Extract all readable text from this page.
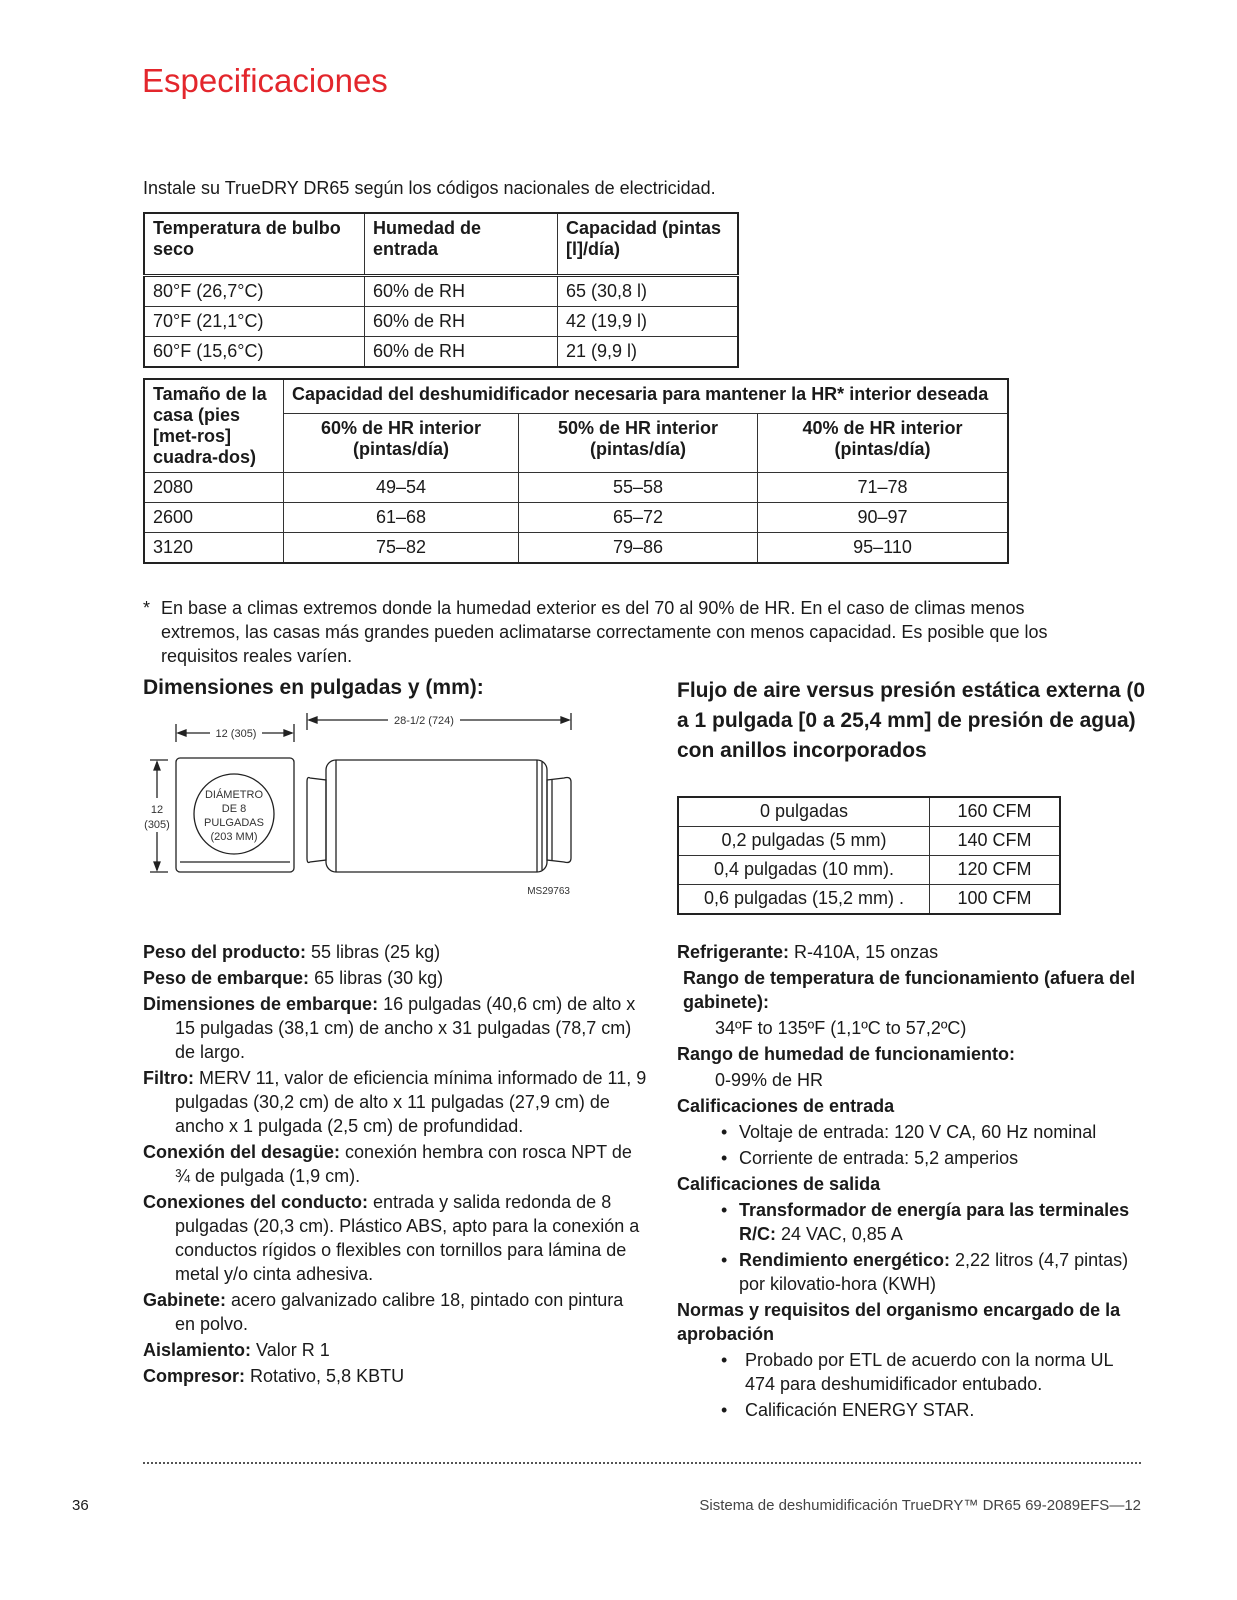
Especificaciones
Instale su TrueDRY DR65 según los códigos nacionales de electricidad.
Temperatura de bulbo seco	Humedad de entrada	Capacidad (pintas [l]/día)
80°F (26,7°C)	60% de RH	65 (30,8 l)
70°F (21,1°C)	60% de RH	42 (19,9 l)
60°F (15,6°C)	60% de RH	21 (9,9 l)
Tamaño de la casa (pies [met-ros] cuadra-dos)	Capacidad del deshumidificador necesaria para mantener la HR* interior deseada		
	60% de HR interior (pintas/día)	50% de HR interior (pintas/día)	40% de HR interior (pintas/día)
2080	49–54	55–58	71–78
2600	61–68	65–72	90–97
3120	75–82	79–86	95–110
* En base a climas extremos donde la humedad exterior es del 70 al 90% de HR. En el caso de climas menos extremos, las casas más grandes pueden aclimatarse correctamente con menos capacidad. Es posible que los requisitos reales varíen.
Dimensiones en pulgadas y (mm):
12 (305)
28-1/2 (724)
12
(305)
DIÁMETRO
DE 8
PULGADAS
(203 MM)
MS29763
Flujo de aire versus presión estática externa (0 a 1 pulgada [0 a 25,4 mm] de presión de agua) con anillos incorporados
0 pulgadas	160 CFM
0,2 pulgadas (5 mm)	140 CFM
0,4 pulgadas (10 mm).	120 CFM
0,6 pulgadas (15,2 mm) .	100 CFM

Peso del producto: 55 libras (25 kg)

Peso de embarque: 65 libras (30 kg)

Dimensiones de embarque: 16 pulgadas (40,6 cm) de alto x 15 pulgadas (38,1 cm) de ancho x 31 pulgadas (78,7 cm) de largo.

Filtro: MERV 11, valor de eficiencia mínima informado de 11, 9 pulgadas (30,2 cm) de alto x 11 pulgadas (27,9 cm) de ancho x 1 pulgada (2,5 cm) de profundidad.

Conexión del desagüe: conexión hembra con rosca NPT de ¾ de pulgada (1,9 cm).

Conexiones del conducto: entrada y salida redonda de 8 pulgadas (20,3 cm). Plástico ABS, apto para la conexión a conductos rígidos o flexibles con tornillos para lámina de metal y/o cinta adhesiva.

Gabinete: acero galvanizado calibre 18, pintado con pintura en polvo.

Aislamiento: Valor R 1

Compresor: Rotativo, 5,8 KBTU

Refrigerante: R-410A, 15 onzas

Rango de temperatura de funcionamiento (afuera del gabinete):

34ºF to 135ºF (1,1ºC to 57,2ºC)

Rango de humedad de funcionamiento:

0-99% de HR

Calificaciones de entrada

• Voltaje de entrada: 120 V CA, 60 Hz nominal

• Corriente de entrada: 5,2 amperios

Calificaciones de salida

• Transformador de energía para las terminales R/C: 24 VAC, 0,85 A

• Rendimiento energético: 2,22 litros (4,7 pintas) por kilovatio-hora (KWH)

Normas y requisitos del organismo encargado de la aprobación

• Probado por ETL de acuerdo con la norma UL 474 para deshumidificador entubado.

• Calificación ENERGY STAR.

36	Sistema de deshumidificación TrueDRY™ DR65 69-2089EFS—12
